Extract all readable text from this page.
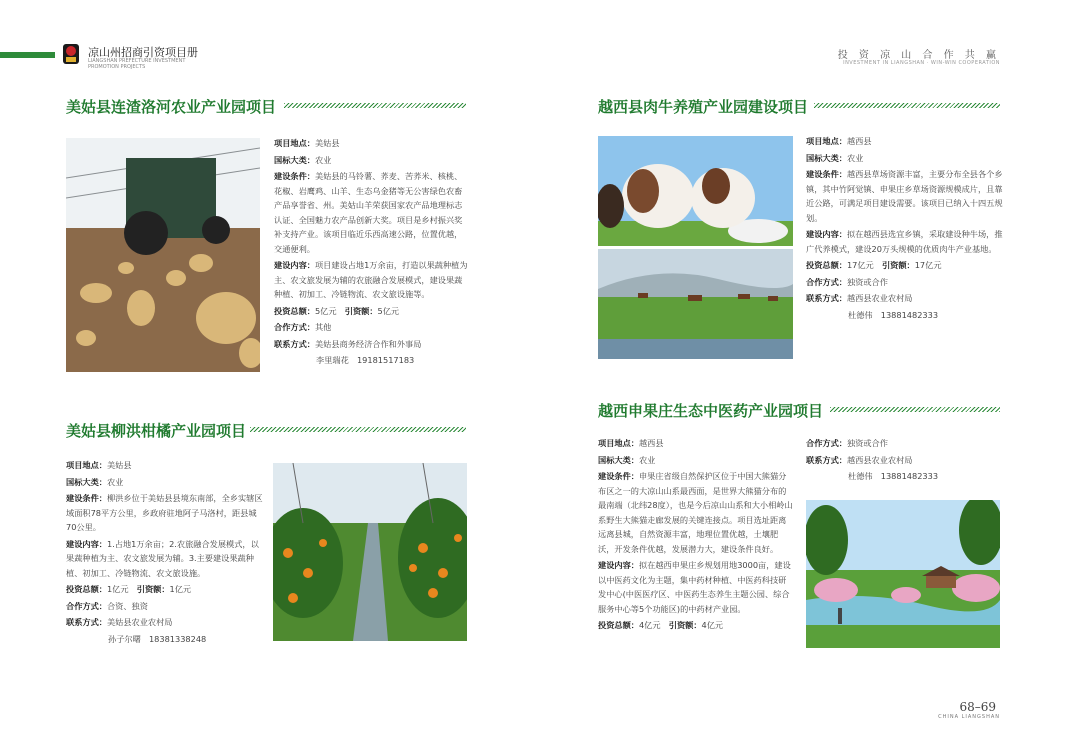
凉山州招商引资项目册
LIANGSHAN PREFECTURE INVESTMENT PROMOTION PROJECTS
投 资 凉 山 合 作 共 赢
INVESTMENT IN LIANGSHAN · WIN-WIN COOPERATION
美姑县连渣洛河农业产业园项目
项目地点：美姑县
国标大类：农业
建设条件：美姑县的马铃薯、荞麦、苦荞米、核桃、花椒、岩鹰鸡、山羊、生态乌金猪等无公害绿色农畜产品享誉省、州。美姑山羊荣获国家农产品地理标志认证、全国魅力农产品创新大奖。项目是乡村振兴奖补支持产业。该项目临近乐西高速公路，位置优越，交通便利。
建设内容：项目建设占地1万余亩，打造以果蔬种植为主、农文旅发展为辅的农旅融合发展模式，建设果蔬种植、初加工、冷链物流、农文旅设施等。
投资总额：5亿元　 引资额：5亿元
合作方式：其他
联系方式：美姑县商务经济合作和外事局
李里瑞花　19181517183
越西县肉牛养殖产业园建设项目
项目地点：越西县
国标大类：农业
建设条件：越西县草场资源丰富，主要分布全县各个乡镇，其中竹阿觉镇、申果庄乡草场资源规模成片，且靠近公路，可满足项目建设需要。该项目已纳入十四五规划。
建设内容：拟在越西县选宜乡镇，采取建设种牛场，推广代养模式，建设20万头规模的优质肉牛产业基地。
投资总额：17亿元　 引资额：17亿元
合作方式：独资或合作
联系方式：越西县农业农村局
杜德伟　13881482333
美姑县柳洪柑橘产业园项目
项目地点：美姑县
国标大类：农业
建设条件：柳洪乡位于美姑县县境东南部，全乡实辖区域面积78平方公里，乡政府驻地阿子马洛村，距县城70公里。
建设内容：1.占地1万余亩；2.农旅融合发展模式，以果蔬种植为主、农文旅发展为辅。3.主要建设果蔬种植、初加工、冷链物流、农文旅设施。
投资总额：1亿元　 引资额：1亿元
合作方式：合资、独资
联系方式：美姑县农业农村局
孙子尔曙　18381338248
越西申果庄生态中医药产业园项目
项目地点：越西县
国标大类：农业
建设条件：申果庄省级自然保护区位于中国大熊猫分布区之一的大凉山山系最西面，是世界大熊猫分布的最南端（北纬28度），也是今后凉山山系和大小相岭山系野生大熊猫走廊发展的关键连接点。项目选址距离远离县城，自然资源丰富，地理位置优越，土壤肥沃，开发条件优越，发展潜力大，建设条件良好。
建设内容：拟在越西申果庄乡规划用地3000亩，建设以中医药文化为主题，集中药材种植、中医药科技研发中心(中医医疗区、中医药生态养生主题公园、综合服务中心等5个功能区)的中药材产业园。
投资总额：4亿元　 引资额：4亿元
合作方式：独资或合作
联系方式：越西县农业农村局
杜德伟　13881482333
68–69
CHINA LIANGSHAN
